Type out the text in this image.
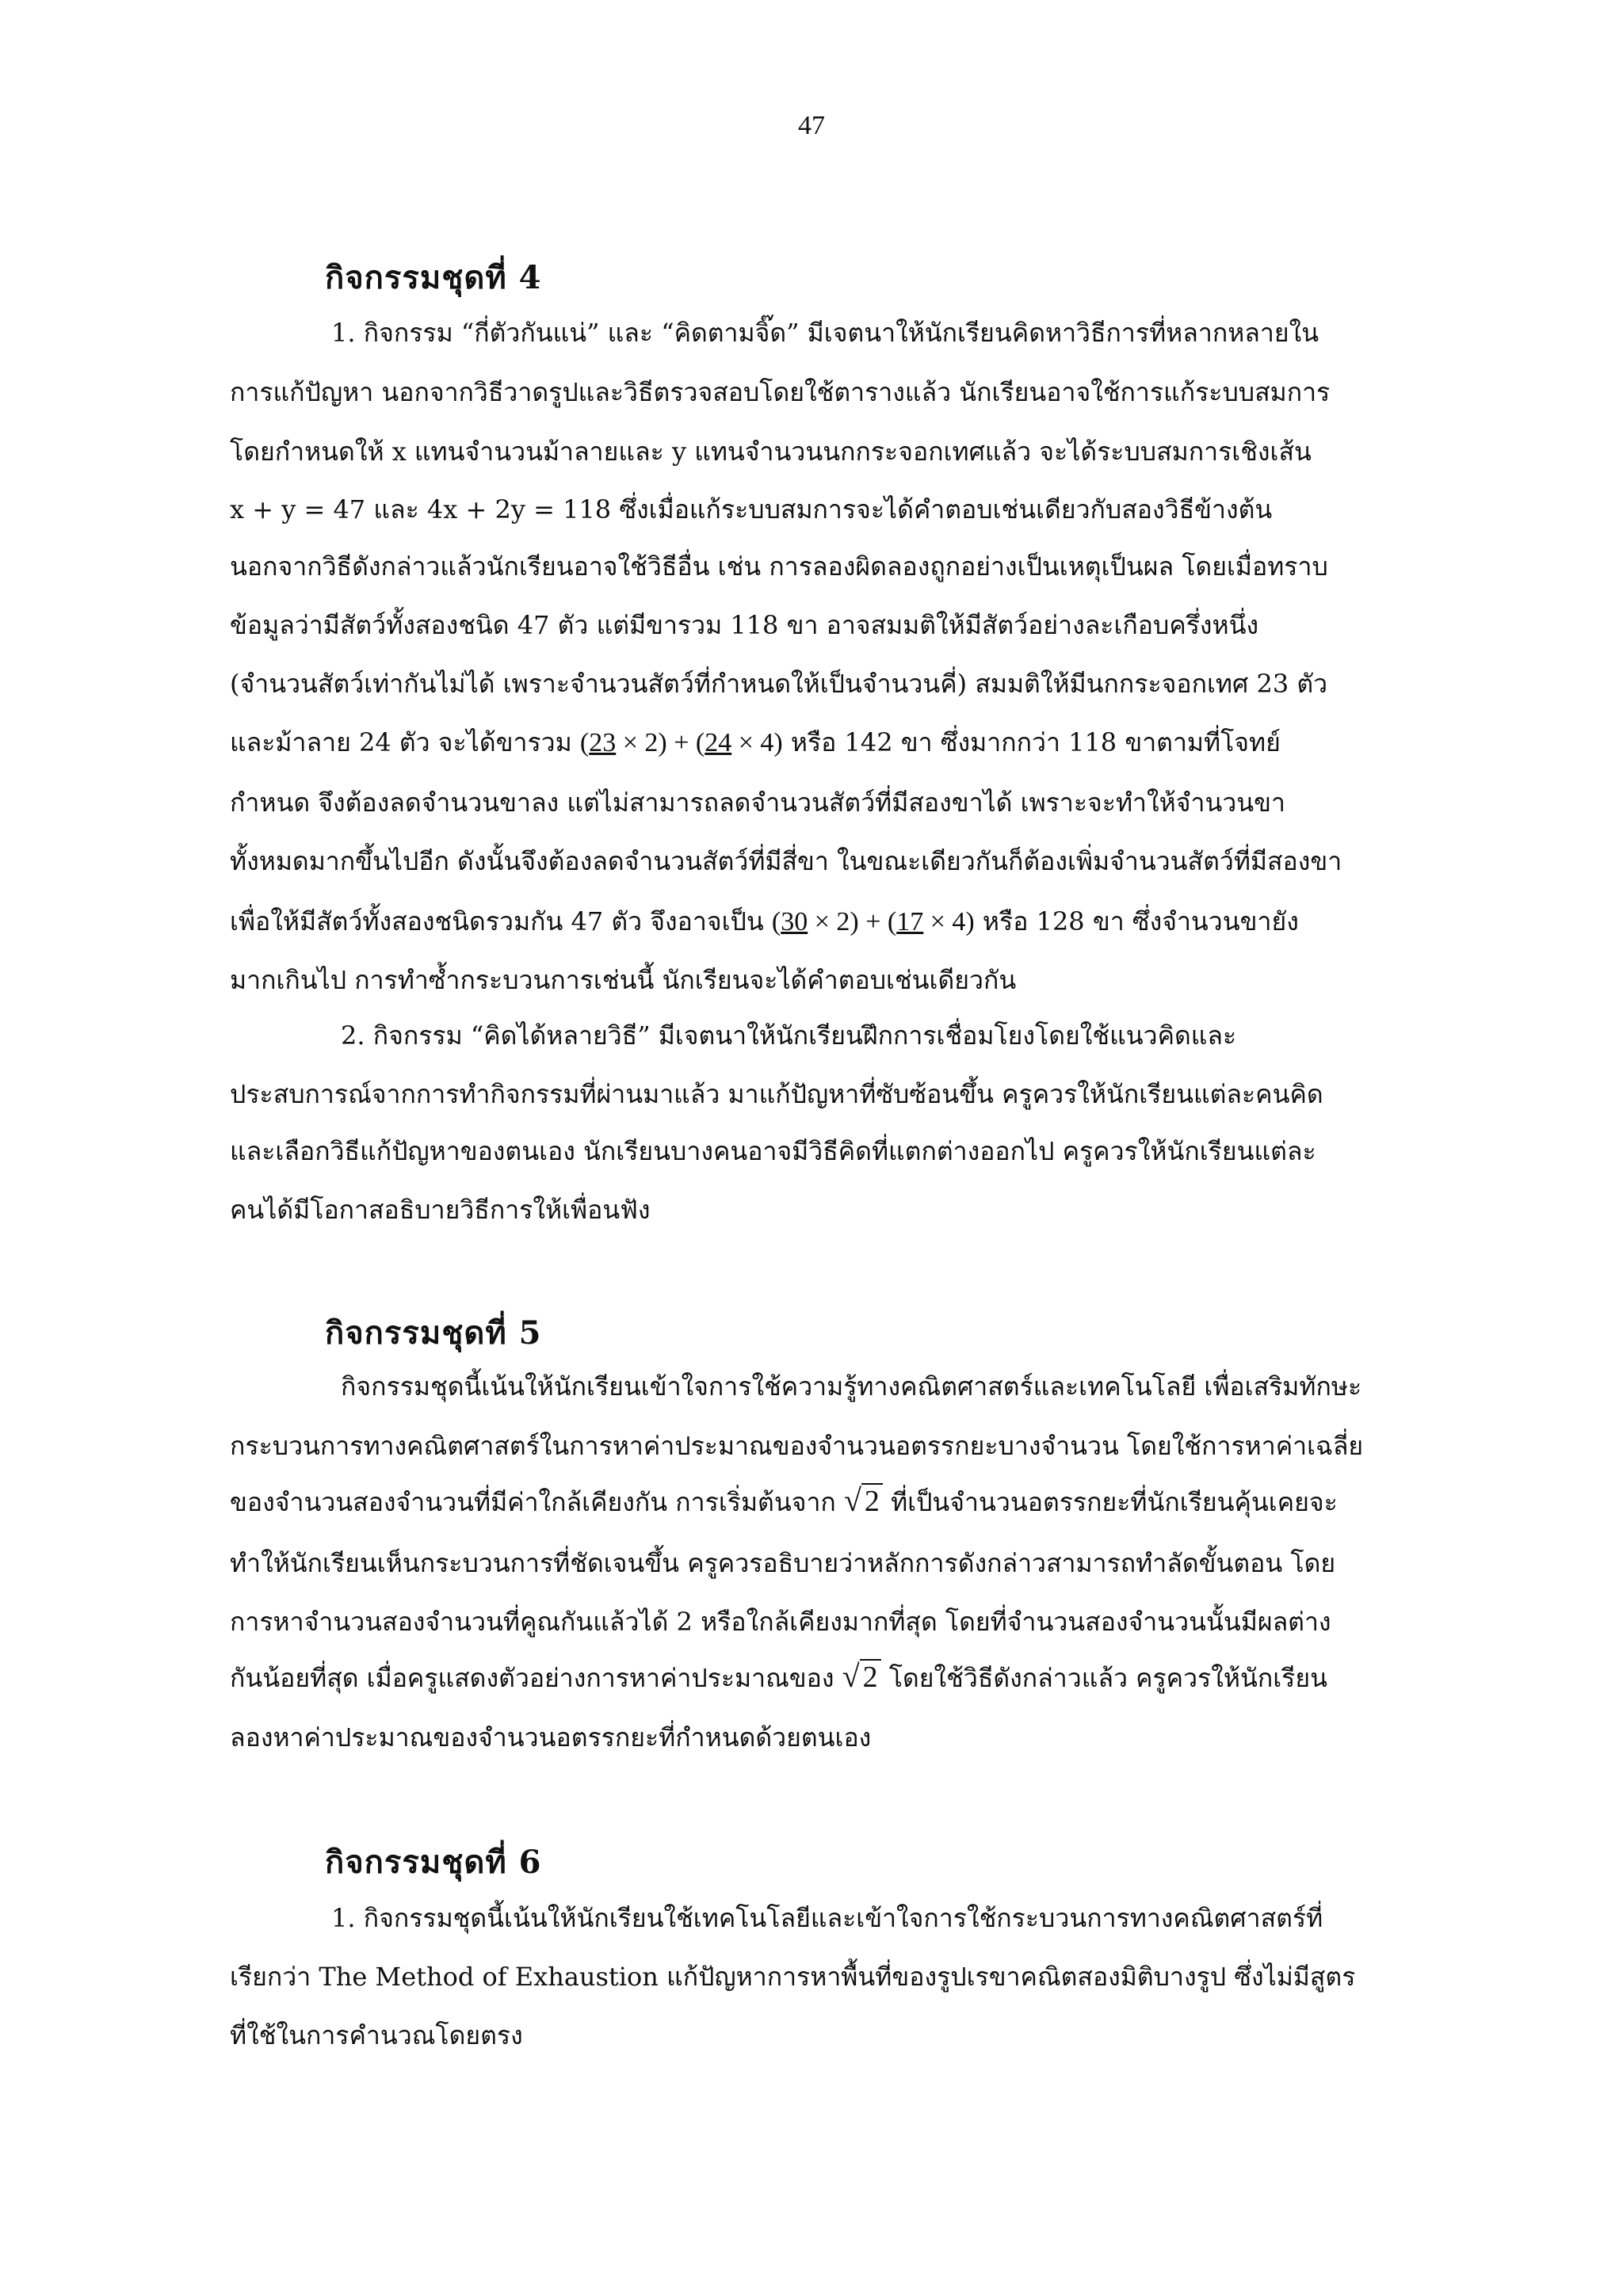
47
กิจกรรมชุดที่ 4
1. กิจกรรม “กี่ตัวกันแน่” และ “คิดตามจิ๊ด” มีเจตนาให้นักเรียนคิดหาวิธีการที่หลากหลายใน
การแก้ปัญหา นอกจากวิธีวาดรูปและวิธีตรวจสอบโดยใช้ตารางแล้ว นักเรียนอาจใช้การแก้ระบบสมการ
โดยกำหนดให้ x แทนจำนวนม้าลายและ y แทนจำนวนนกกระจอกเทศแล้ว จะได้ระบบสมการเชิงเส้น
x + y = 47 และ 4x + 2y = 118 ซึ่งเมื่อแก้ระบบสมการจะได้คำตอบเช่นเดียวกับสองวิธีข้างต้น
นอกจากวิธีดังกล่าวแล้วนักเรียนอาจใช้วิธีอื่น เช่น การลองผิดลองถูกอย่างเป็นเหตุเป็นผล โดยเมื่อทราบ
ข้อมูลว่ามีสัตว์ทั้งสองชนิด 47 ตัว แต่มีขารวม 118 ขา อาจสมมติให้มีสัตว์อย่างละเกือบครึ่งหนึ่ง
(จำนวนสัตว์เท่ากันไม่ได้ เพราะจำนวนสัตว์ที่กำหนดให้เป็นจำนวนคี่) สมมติให้มีนกกระจอกเทศ 23 ตัว
และม้าลาย 24 ตัว จะได้ขารวม (23 × 2) + (24 × 4) หรือ 142 ขา ซึ่งมากกว่า 118 ขาตามที่โจทย์
กำหนด จึงต้องลดจำนวนขาลง แต่ไม่สามารถลดจำนวนสัตว์ที่มีสองขาได้ เพราะจะทำให้จำนวนขา
ทั้งหมดมากขึ้นไปอีก ดังนั้นจึงต้องลดจำนวนสัตว์ที่มีสี่ขา ในขณะเดียวกันก็ต้องเพิ่มจำนวนสัตว์ที่มีสองขา
เพื่อให้มีสัตว์ทั้งสองชนิดรวมกัน 47 ตัว จึงอาจเป็น (30 × 2) + (17 × 4) หรือ 128 ขา ซึ่งจำนวนขายัง
มากเกินไป การทำซ้ำกระบวนการเช่นนี้ นักเรียนจะได้คำตอบเช่นเดียวกัน
2. กิจกรรม “คิดได้หลายวิธี” มีเจตนาให้นักเรียนฝึกการเชื่อมโยงโดยใช้แนวคิดและ
ประสบการณ์จากการทำกิจกรรมที่ผ่านมาแล้ว มาแก้ปัญหาที่ซับซ้อนขึ้น ครูควรให้นักเรียนแต่ละคนคิด
และเลือกวิธีแก้ปัญหาของตนเอง นักเรียนบางคนอาจมีวิธีคิดที่แตกต่างออกไป ครูควรให้นักเรียนแต่ละ
คนได้มีโอกาสอธิบายวิธีการให้เพื่อนฟัง
กิจกรรมชุดที่ 5
กิจกรรมชุดนี้เน้นให้นักเรียนเข้าใจการใช้ความรู้ทางคณิตศาสตร์และเทคโนโลยี เพื่อเสริมทักษะ
กระบวนการทางคณิตศาสตร์ในการหาค่าประมาณของจำนวนอตรรกยะบางจำนวน โดยใช้การหาค่าเฉลี่ย
ของจำนวนสองจำนวนที่มีค่าใกล้เคียงกัน การเริ่มต้นจาก √ 2 ที่เป็นจำนวนอตรรกยะที่นักเรียนคุ้นเคยจะ
ทำให้นักเรียนเห็นกระบวนการที่ชัดเจนขึ้น ครูควรอธิบายว่าหลักการดังกล่าวสามารถทำลัดขั้นตอน โดย
การหาจำนวนสองจำนวนที่คูณกันแล้วได้ 2 หรือใกล้เคียงมากที่สุด โดยที่จำนวนสองจำนวนนั้นมีผลต่าง
กันน้อยที่สุด เมื่อครูแสดงตัวอย่างการหาค่าประมาณของ √ 2 โดยใช้วิธีดังกล่าวแล้ว ครูควรให้นักเรียน
ลองหาค่าประมาณของจำนวนอตรรกยะที่กำหนดด้วยตนเอง
กิจกรรมชุดที่ 6
1. กิจกรรมชุดนี้เน้นให้นักเรียนใช้เทคโนโลยีและเข้าใจการใช้กระบวนการทางคณิตศาสตร์ที่
เรียกว่า The Method of Exhaustion แก้ปัญหาการหาพื้นที่ของรูปเรขาคณิตสองมิติบางรูป ซึ่งไม่มีสูตร
ที่ใช้ในการคำนวณโดยตรง
